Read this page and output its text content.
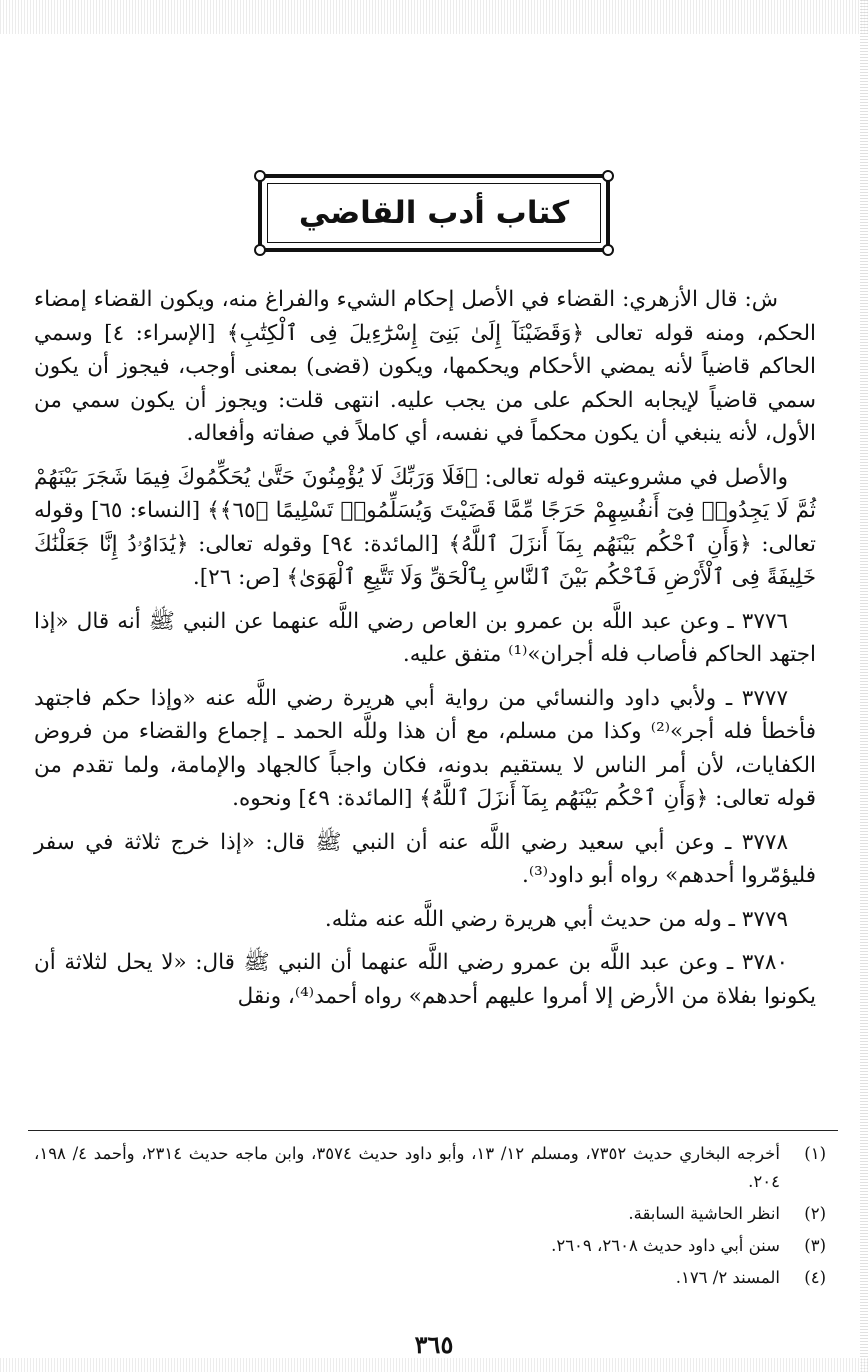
كتاب أدب القاضي

ش: قال الأزهري: القضاء في الأصل إحكام الشيء والفراغ منه، ويكون القضاء إمضاء الحكم، ومنه قوله تعالى ﴿وَقَضَيْنَآ إِلَىٰ بَنِىٓ إِسْرَٰٓءِيلَ فِى ٱلْكِتَٰبِ﴾ [الإسراء: ٤] وسمي الحاكم قاضياً لأنه يمضي الأحكام ويحكمها، ويكون (قضى) بمعنى أوجب، فيجوز أن يكون سمي قاضياً لإيجابه الحكم على من يجب عليه. انتهى قلت: ويجوز أن يكون سمي من الأول، لأنه ينبغي أن يكون محكماً في نفسه، أي كاملاً في صفاته وأفعاله.

والأصل في مشروعيته قوله تعالى: ﴿فَلَا وَرَبِّكَ لَا يُؤْمِنُونَ حَتَّىٰ يُحَكِّمُوكَ فِيمَا شَجَرَ بَيْنَهُمْ ثُمَّ لَا يَجِدُوا۟ فِىٓ أَنفُسِهِمْ حَرَجًا مِّمَّا قَضَيْتَ وَيُسَلِّمُوا۟ تَسْلِيمًا ﴿٦٥﴾﴾ [النساء: ٦٥] وقوله تعالى: ﴿وَأَنِ ٱحْكُم بَيْنَهُم بِمَآ أَنزَلَ ٱللَّهُ﴾ [المائدة: ٩٤] وقوله تعالى: ﴿يَٰدَاوُۥدُ إِنَّا جَعَلْنَٰكَ خَلِيفَةً فِى ٱلْأَرْضِ فَٱحْكُم بَيْنَ ٱلنَّاسِ بِٱلْحَقِّ وَلَا تَتَّبِعِ ٱلْهَوَىٰ﴾ [ص: ٢٦].

٣٧٧٦ ـ وعن عبد اللَّه بن عمرو بن العاص رضي اللَّه عنهما عن النبي ﷺ أنه قال «إذا اجتهد الحاكم فأصاب فله أجران»⁽¹⁾ متفق عليه.

٣٧٧٧ ـ ولأبي داود والنسائي من رواية أبي هريرة رضي اللَّه عنه «وإذا حكم فاجتهد فأخطأ فله أجر»⁽²⁾ وكذا من مسلم، مع أن هذا وللَّه الحمد ـ إجماع والقضاء من فروض الكفايات، لأن أمر الناس لا يستقيم بدونه، فكان واجباً كالجهاد والإمامة، ولما تقدم من قوله تعالى: ﴿وَأَنِ ٱحْكُم بَيْنَهُم بِمَآ أَنزَلَ ٱللَّهُ﴾ [المائدة: ٤٩] ونحوه.

٣٧٧٨ ـ وعن أبي سعيد رضي اللَّه عنه أن النبي ﷺ قال: «إذا خرج ثلاثة في سفر فليؤمّروا أحدهم» رواه أبو داود⁽³⁾.

٣٧٧٩ ـ وله من حديث أبي هريرة رضي اللَّه عنه مثله.

٣٧٨٠ ـ وعن عبد اللَّه بن عمرو رضي اللَّه عنهما أن النبي ﷺ قال: «لا يحل لثلاثة أن يكونوا بفلاة من الأرض إلا أمروا عليهم أحدهم» رواه أحمد⁽⁴⁾، ونقل

(١)
أخرجه البخاري حديث ٧٣٥٢، ومسلم ١٢/ ١٣، وأبو داود حديث ٣٥٧٤، وابن ماجه حديث ٢٣١٤، وأحمد ٤/ ١٩٨، ٢٠٤.
(٢)
انظر الحاشية السابقة.
(٣)
سنن أبي داود حديث ٢٦٠٨، ٢٦٠٩.
(٤)
المسند ٢/ ١٧٦.
٣٦٥
